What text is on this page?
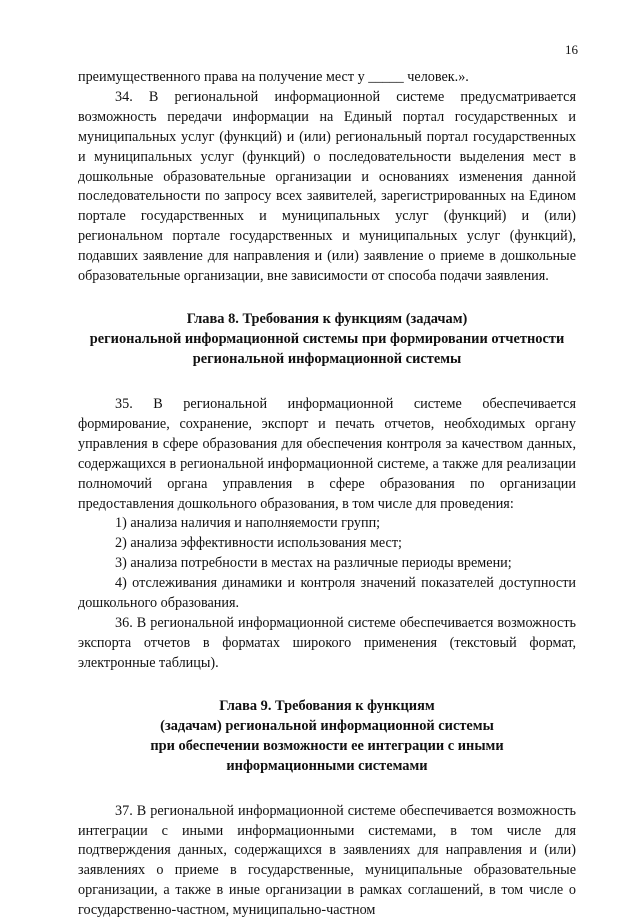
16

преимущественного права на получение мест у _____ человек.».

34. В региональной информационной системе предусматривается возможность передачи информации на Единый портал государственных и муниципальных услуг (функций) и (или) региональный портал государственных и муниципальных услуг (функций) о последовательности выделения мест в дошкольные образовательные организации и основаниях изменения данной последовательности по запросу всех заявителей, зарегистрированных на Едином портале государственных и муниципальных услуг (функций) и (или) региональном портале государственных и муниципальных услуг (функций), подавших заявление для направления и (или) заявление о приеме в дошкольные образовательные организации, вне зависимости от способа подачи заявления.

Глава 8. Требования к функциям (задачам)
региональной информационной системы при формировании отчетности
региональной информационной системы

35. В региональной информационной системе обеспечивается формирование, сохранение, экспорт и печать отчетов, необходимых органу управления в сфере образования для обеспечения контроля за качеством данных, содержащихся в региональной информационной системе, а также для реализации полномочий органа управления в сфере образования по организации предоставления дошкольного образования, в том числе для проведения:

1) анализа наличия и наполняемости групп;

2) анализа эффективности использования мест;

3) анализа потребности в местах на различные периоды времени;

4) отслеживания динамики и контроля значений показателей доступности дошкольного образования.

36. В региональной информационной системе обеспечивается возможность экспорта отчетов в форматах широкого применения (текстовый формат, электронные таблицы).

Глава 9. Требования к функциям
(задачам) региональной информационной системы
при обеспечении возможности ее интеграции с иными
информационными системами

37. В региональной информационной системе обеспечивается возможность интеграции с иными информационными системами, в том числе для подтверждения данных, содержащихся в заявлениях для направления и (или) заявлениях о приеме в государственные, муниципальные образовательные организации, а также в иные организации в рамках соглашений, в том числе о государственно-частном, муниципально-частном
